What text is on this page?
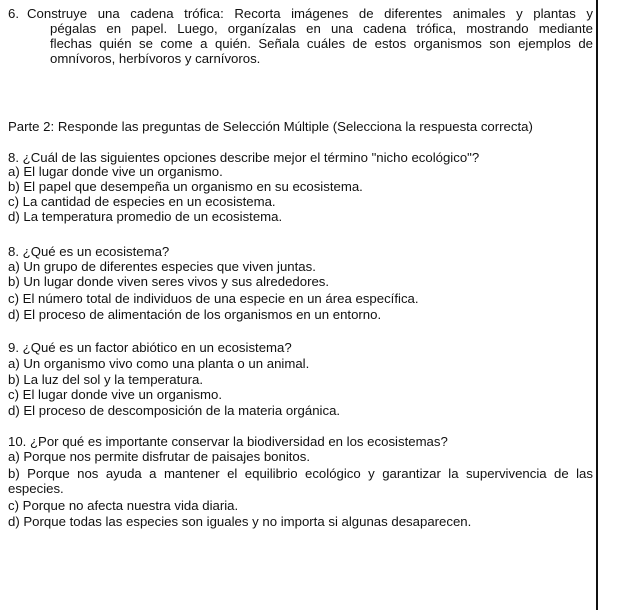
6. Construye una cadena trófica: Recorta imágenes de diferentes animales y plantas y
pégalas en papel. Luego, organízalas en una cadena trófica, mostrando mediante
flechas quién se come a quién. Señala cuáles de estos organismos son ejemplos de
omnívoros, herbívoros y carnívoros.
Parte 2: Responde las preguntas de Selección Múltiple (Selecciona la respuesta correcta)
8. ¿Cuál de las siguientes opciones describe mejor el término "nicho ecológico"?
a) El lugar donde vive un organismo.
b) El papel que desempeña un organismo en su ecosistema.
c) La cantidad de especies en un ecosistema.
d) La temperatura promedio de un ecosistema.
8. ¿Qué es un ecosistema?
a) Un grupo de diferentes especies que viven juntas.
b) Un lugar donde viven seres vivos y sus alrededores.
c) El número total de individuos de una especie en un área específica.
d) El proceso de alimentación de los organismos en un entorno.
9. ¿Qué es un factor abiótico en un ecosistema?
a) Un organismo vivo como una planta o un animal.
b) La luz del sol y la temperatura.
c) El lugar donde vive un organismo.
d) El proceso de descomposición de la materia orgánica.
10. ¿Por qué es importante conservar la biodiversidad en los ecosistemas?
a) Porque nos permite disfrutar de paisajes bonitos.
b) Porque nos ayuda a mantener el equilibrio ecológico y garantizar la supervivencia de las
especies.
c) Porque no afecta nuestra vida diaria.
d) Porque todas las especies son iguales y no importa si algunas desaparecen.
